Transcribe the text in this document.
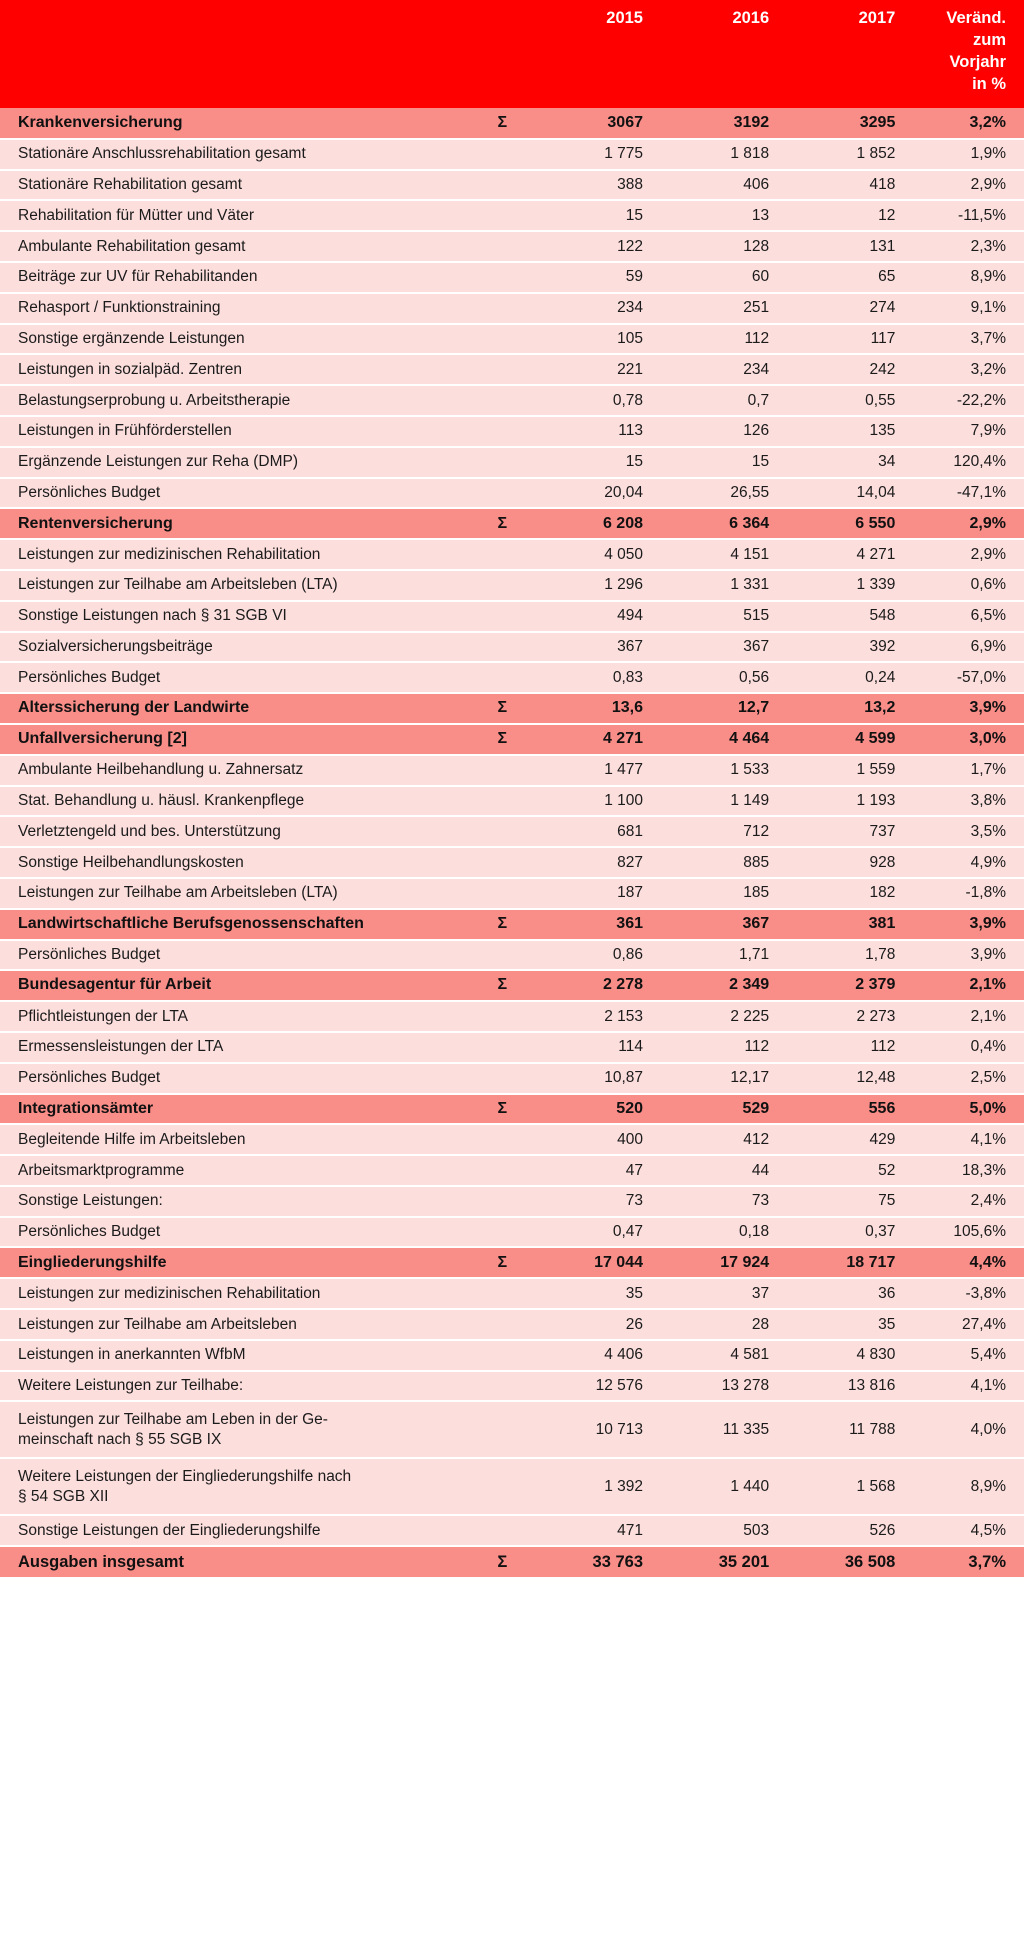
		2015	2016	2017	Veränd.
zum
Vorjahr
in %

Krankenversicherung	Σ	3067	3192	3295	3,2%
Stationäre Anschlussrehabilitation gesamt		1 775	1 818	1 852	1,9%
Stationäre Rehabilitation gesamt		388	406	418	2,9%
Rehabilitation für Mütter und Väter		15	13	12	-11,5%
Ambulante Rehabilitation gesamt		122	128	131	2,3%
Beiträge zur UV für Rehabilitanden		59	60	65	8,9%
Rehasport / Funktionstraining		234	251	274	9,1%
Sonstige ergänzende Leistungen		105	112	117	3,7%
Leistungen in sozialpäd. Zentren		221	234	242	3,2%
Belastungserprobung u. Arbeitstherapie		0,78	0,7	0,55	-22,2%
Leistungen in Frühförderstellen		113	126	135	7,9%
Ergänzende Leistungen zur Reha (DMP)		15	15	34	120,4%
Persönliches Budget		20,04	26,55	14,04	-47,1%
Rentenversicherung	Σ	6 208	6 364	6 550	2,9%
Leistungen zur medizinischen Rehabilitation		4 050	4 151	4 271	2,9%
Leistungen zur Teilhabe am Arbeitsleben (LTA)		1 296	1 331	1 339	0,6%
Sonstige Leistungen nach § 31 SGB VI		494	515	548	6,5%
Sozialversicherungsbeiträge		367	367	392	6,9%
Persönliches Budget		0,83	0,56	0,24	-57,0%
Alterssicherung der Landwirte	Σ	13,6	12,7	13,2	3,9%
Unfallversicherung [2]	Σ	4 271	4 464	4 599	3,0%
Ambulante Heilbehandlung u. Zahnersatz		1 477	1 533	1 559	1,7%
Stat. Behandlung u. häusl. Krankenpflege		1 100	1 149	1 193	3,8%
Verletztengeld und bes. Unterstützung		681	712	737	3,5%
Sonstige Heilbehandlungskosten		827	885	928	4,9%
Leistungen zur Teilhabe am Arbeitsleben (LTA)		187	185	182	-1,8%
Landwirtschaftliche Berufsgenossenschaften	Σ	361	367	381	3,9%
Persönliches Budget		0,86	1,71	1,78	3,9%
Bundesagentur für Arbeit	Σ	2 278	2 349	2 379	2,1%
Pflichtleistungen der LTA		2 153	2 225	2 273	2,1%
Ermessensleistungen der LTA		114	112	112	0,4%
Persönliches Budget		10,87	12,17	12,48	2,5%
Integrationsämter	Σ	520	529	556	5,0%
Begleitende Hilfe im Arbeitsleben		400	412	429	4,1%
Arbeitsmarktprogramme		47	44	52	18,3%
Sonstige Leistungen:		73	73	75	2,4%
Persönliches Budget		0,47	0,18	0,37	105,6%
Eingliederungshilfe	Σ	17 044	17 924	18 717	4,4%
Leistungen zur medizinischen Rehabilitation		35	37	36	-3,8%
Leistungen zur Teilhabe am Arbeitsleben		26	28	35	27,4%
Leistungen in anerkannten WfbM		4 406	4 581	4 830	5,4%
Weitere Leistungen zur Teilhabe:		12 576	13 278	13 816	4,1%
Leistungen zur Teilhabe am Leben in der Ge-
meinschaft nach § 55 SGB IX		10 713	11 335	11 788	4,0%
Weitere Leistungen der Eingliederungshilfe nach
§ 54 SGB XII		1 392	1 440	1 568	8,9%
Sonstige Leistungen der Eingliederungshilfe		471	503	526	4,5%
Ausgaben insgesamt	Σ	33 763	35 201	36 508	3,7%
